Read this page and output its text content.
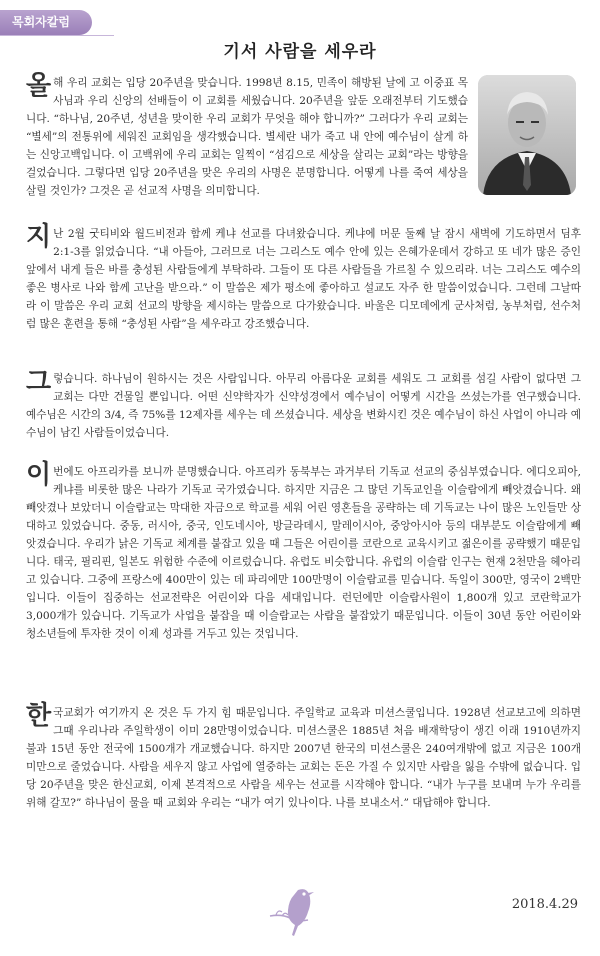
목회자칼럼
기서 사람을 세우라

올해 우리 교회는 입당 20주년을 맞습니다. 1998년 8.15, 민족이 해방된 날에 고 이중표 목사님과 우리 신앙의 선배들이 이 교회를 세웠습니다. 20주년을 앞둔 오래전부터 기도했습니다. “하나님, 20주년, 성년을 맞이한 우리 교회가 무엇을 해야 합니까?” 그러다가 우리 교회는 “별세”의 전통위에 세워진 교회임을 생각했습니다. 별세란 내가 죽고 내 안에 예수님이 살게 하는 신앙고백입니다. 이 고백위에 우리 교회는 일찍이 “섬김으로 세상을 살리는 교회”라는 방향을 걸었습니다. 그렇다면 입당 20주년을 맞은 우리의 사명은 분명합니다. 어떻게 나를 죽여 세상을 살릴 것인가? 그것은 곧 선교적 사명을 의미합니다.

지난 2월 굿티비와 월드비전과 함께 케냐 선교를 다녀왔습니다. 케냐에 머문 둘째 날 잠시 새벽에 기도하면서 딤후2:1-3를 읽었습니다. “내 아들아, 그러므로 너는 그리스도 예수 안에 있는 은혜가운데서 강하고 또 네가 많은 증인 앞에서 내게 들은 바를 충성된 사람들에게 부탁하라. 그들이 또 다른 사람들을 가르칠 수 있으리라. 너는 그리스도 예수의 좋은 병사로 나와 함께 고난을 받으라.” 이 말씀은 제가 평소에 좋아하고 설교도 자주 한 말씀이었습니다. 그런데 그날따라 이 말씀은 우리 교회 선교의 방향을 제시하는 말씀으로 다가왔습니다. 바울은 디모데에게 군사처럼, 농부처럼, 선수처럼 많은 훈련을 통해 “충성된 사람”을 세우라고 강조했습니다.

그렇습니다. 하나님이 원하시는 것은 사람입니다. 아무리 아름다운 교회를 세워도 그 교회를 섬길 사람이 없다면 그 교회는 다만 건물일 뿐입니다. 어떤 신약학자가 신약성경에서 예수님이 어떻게 시간을 쓰셨는가를 연구했습니다. 예수님은 시간의 3/4, 즉 75%를 12제자를 세우는 데 쓰셨습니다. 세상을 변화시킨 것은 예수님이 하신 사업이 아니라 예수님이 남긴 사람들이었습니다.

이번에도 아프리카를 보니까 분명했습니다. 아프리카 동북부는 과거부터 기독교 선교의 중심부였습니다. 에디오피아, 케냐를 비롯한 많은 나라가 기독교 국가였습니다. 하지만 지금은 그 많던 기독교인을 이슬람에게 빼앗겼습니다. 왜 빼앗겼나 보았더니 이슬람교는 막대한 자금으로 학교를 세워 어린 영혼들을 공략하는 데 기독교는 나이 많은 노인들만 상대하고 있었습니다. 중동, 러시아, 중국, 인도네시아, 방글라데시, 말레이시아, 중앙아시아 등의 대부분도 이슬람에게 빼앗겼습니다. 우리가 낡은 기독교 체계를 붙잡고 있을 때 그들은 어린이를 코란으로 교육시키고 젊은이를 공략했기 때문입니다. 태국, 필리핀, 일본도 위험한 수준에 이르렀습니다. 유럽도 비슷합니다. 유럽의 이슬람 인구는 현재 2천만을 헤아리고 있습니다. 그중에 프랑스에 400만이 있는 데 파리에만 100만명이 이슬람교를 믿습니다. 독일이 300만, 영국이 2백만입니다. 이들이 집중하는 선교전략은 어린이와 다음 세대입니다. 런던에만 이슬람사원이 1,800개 있고 코란학교가 3,000개가 있습니다. 기독교가 사업을 붙잡을 때 이슬람교는 사람을 붙잡았기 때문입니다. 이들이 30년 동안 어린이와 청소년들에 투자한 것이 이제 성과를 거두고 있는 것입니다.

한국교회가 여기까지 온 것은 두 가지 힘 때문입니다. 주일학교 교육과 미션스쿨입니다. 1928년 선교보고에 의하면 그때 우리나라 주일학생이 이미 28만명이었습니다. 미션스쿨은 1885년 처음 배재학당이 생긴 이래 1910년까지 불과 15년 동안 전국에 1500개가 개교했습니다. 하지만 2007년 한국의 미션스쿨은 240여개밖에 없고 지금은 100개 미만으로 줄었습니다. 사람을 세우지 않고 사업에 열중하는 교회는 돈은 가질 수 있지만 사람을 잃을 수밖에 없습니다. 입당 20주년을 맞은 한신교회, 이제 본격적으로 사람을 세우는 선교를 시작해야 합니다. “내가 누구를 보내며 누가 우리를 위해 갈꼬?” 하나님이 물을 때 교회와 우리는 “내가 여기 있나이다. 나를 보내소서.” 대답해야 합니다.

2018.4.29
